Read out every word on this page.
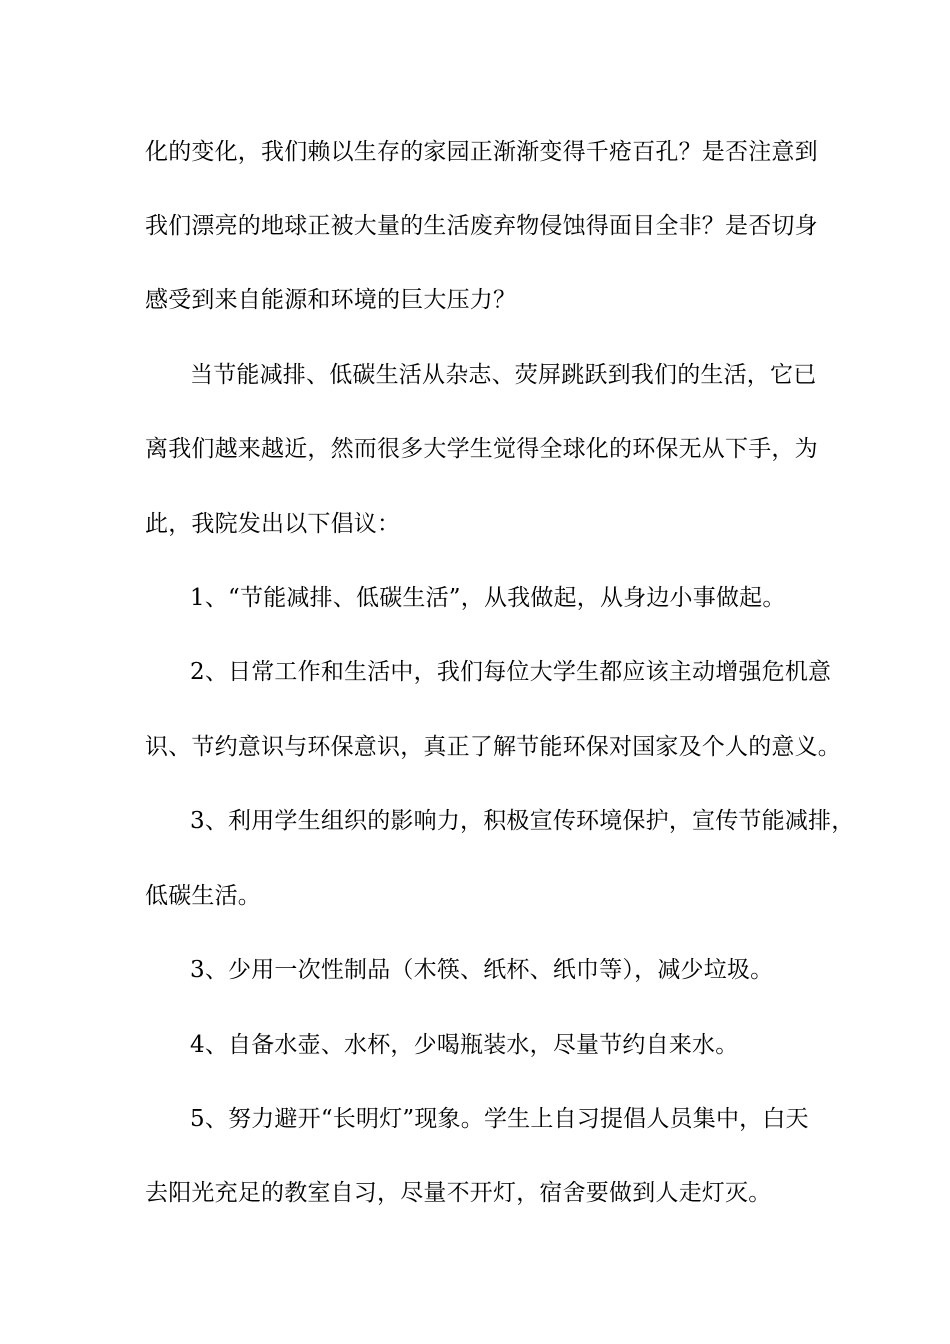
化的变化，我们赖以生存的家园正渐渐变得千疮百孔？是否注意到
我们漂亮的地球正被大量的生活废弃物侵蚀得面目全非？是否切身
感受到来自能源和环境的巨大压力？
当节能减排、低碳生活从杂志、荧屏跳跃到我们的生活，它已
离我们越来越近，然而很多大学生觉得全球化的环保无从下手，为
此，我院发出以下倡议：
1、“节能减排、低碳生活”，从我做起，从身边小事做起。
2、日常工作和生活中，我们每位大学生都应该主动增强危机意
识、节约意识与环保意识，真正了解节能环保对国家及个人的意义。
3、利用学生组织的影响力，积极宣传环境保护，宣传节能减排，
低碳生活。
3、少用一次性制品（木筷、纸杯、纸巾等），减少垃圾。
4、自备水壶、水杯，少喝瓶装水，尽量节约自来水。
5、努力避开“长明灯”现象。学生上自习提倡人员集中，白天
去阳光充足的教室自习，尽量不开灯，宿舍要做到人走灯灭。
